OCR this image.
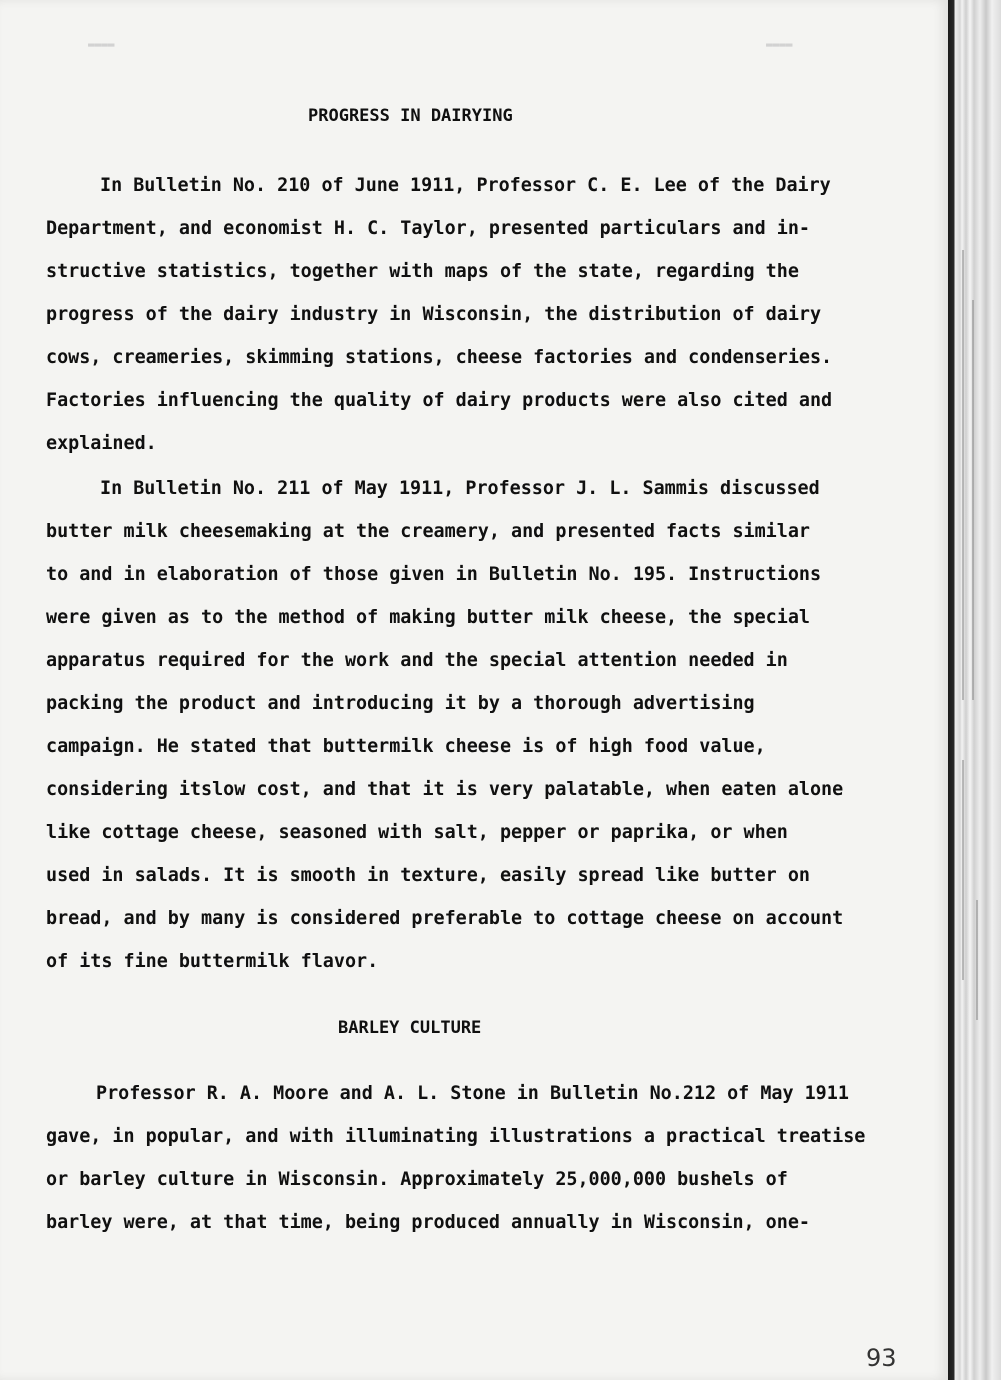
▬▬▬▬	▬▬▬▬
PROGRESS IN DAIRYING
In Bulletin No. 210 of June 1911, Professor C. E. Lee of the Dairy
Department, and economist H. C. Taylor, presented particulars and in-
structive statistics, together with maps of the state, regarding the
progress of the dairy industry in Wisconsin, the distribution of dairy
cows, creameries, skimming stations, cheese factories and condenseries.
Factories influencing the quality of dairy products were also cited and
explained.
In Bulletin No. 211 of May 1911, Professor J. L. Sammis discussed
butter milk cheesemaking at the creamery, and presented facts similar
to and in elaboration of those given in Bulletin No. 195. Instructions
were given as to the method of making butter milk cheese, the special
apparatus required for the work and the special attention needed in
packing the product and introducing it by a thorough advertising
campaign. He stated that buttermilk cheese is of high food value,
considering itslow cost, and that it is very palatable, when eaten alone
like cottage cheese, seasoned with salt, pepper or paprika, or when
used in salads. It is smooth in texture, easily spread like butter on
bread, and by many is considered preferable to cottage cheese on account
of its fine buttermilk flavor.
BARLEY CULTURE
Professor R. A. Moore and A. L. Stone in Bulletin No.212 of May 1911
gave, in popular, and with illuminating illustrations a practical treatise
or barley culture in Wisconsin. Approximately 25,000,000 bushels of
barley were, at that time, being produced annually in Wisconsin, one-
93
